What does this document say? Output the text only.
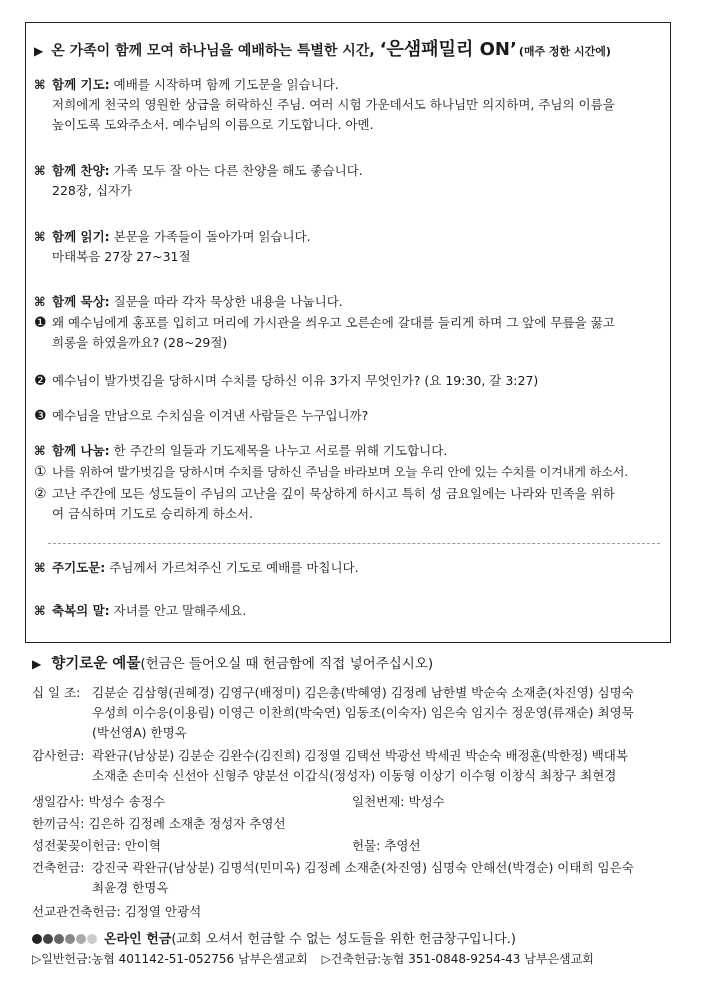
▶ 온 가족이 함께 모여 하나님을 예배하는 특별한 시간, ‘은샘패밀리 ON’ (매주 정한 시간에)
⌘ 함께 기도: 예배를 시작하며 함께 기도문을 읽습니다.
저희에게 천국의 영원한 상급을 허락하신 주님. 여러 시험 가운데서도 하나님만 의지하며, 주님의 이름을
높이도록 도와주소서. 예수님의 이름으로 기도합니다. 아멘.
⌘ 함께 찬양: 가족 모두 잘 아는 다른 찬양을 해도 좋습니다.
228장, 십자가
⌘ 함께 읽기: 본문을 가족들이 돌아가며 읽습니다.
마태복음 27장 27~31절
⌘ 함께 묵상: 질문을 따라 각자 묵상한 내용을 나눕니다.
❶ 왜 예수님에게 홍포를 입히고 머리에 가시관을 씌우고 오른손에 갈대를 들리게 하며 그 앞에 무릎을 꿇고
희롱을 하였을까요? (28~29절)
❷ 예수님이 발가벗김을 당하시며 수치를 당하신 이유 3가지 무엇인가? (요 19:30, 갈 3:27)
❸ 예수님을 만남으로 수치심을 이겨낸 사람들은 누구입니까?
⌘ 함께 나눔: 한 주간의 일들과 기도제목을 나누고 서로를 위해 기도합니다.
① 나를 위하여 발가벗김을 당하시며 수치를 당하신 주님을 바라보며 오늘 우리 안에 있는 수치를 이겨내게 하소서.
② 고난 주간에 모든 성도들이 주님의 고난을 깊이 묵상하게 하시고 특히 성 금요일에는 나라와 민족을 위하
여 금식하며 기도로 승리하게 하소서.
⌘ 주기도문: 주님께서 가르쳐주신 기도로 예배를 마칩니다.
⌘ 축복의 말: 자녀를 안고 말해주세요.
▶ 향기로운 예물(헌금은 들어오실 때 헌금함에 직접 넣어주십시오)
십 일 조: 김분순 김삼형(권혜경) 김영구(배정미) 김은총(박혜영) 김정례 남한별 박순숙 소재춘(차진영) 심명숙
우성희 이수응(이용림) 이영근 이찬희(박숙연) 임동조(이숙자) 임은숙 임지수 정운영(류재순) 최영묵
(박선영A) 한명옥
감사헌금: 곽완규(남상분) 김분순 김완수(김진희) 김정열 김택선 박광선 박세권 박순숙 배정훈(박한정) 백대복
소재춘 손미숙 신선아 신형주 양분선 이갑식(정성자) 이동형 이상기 이수형 이창식 최창구 최현경
생일감사: 박성수 송정수	일천번제: 박성수
한끼금식: 김은하 김정례 소재춘 정성자 추영선
성전꽃꽂이헌금: 안이혁	헌물: 추영선
건축헌금: 강진국 곽완규(남상분) 김명석(민미옥) 김정례 소재춘(차진영) 심명숙 안해선(박경순) 이태희 임은숙
최윤경 한명옥
선교관건축헌금: 김정열 안광석
온라인 헌금(교회 오셔서 헌금할 수 없는 성도들을 위한 헌금창구입니다.)
▷일반헌금:농협 401142-51-052756 남부은샘교회 ▷건축헌금:농협 351-0848-9254-43 남부은샘교회
